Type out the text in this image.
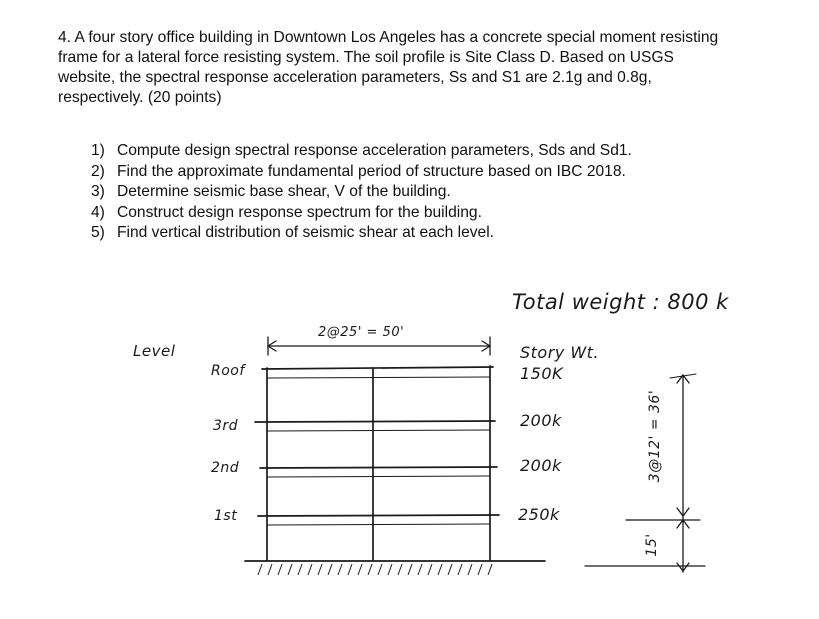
4. A four story office building in Downtown Los Angeles has a concrete special moment resisting
frame for a lateral force resisting system. The soil profile is Site Class D. Based on USGS
website, the spectral response acceleration parameters, Ss and S1 are 2.1g and 0.8g,
respectively. (20 points)

1) Compute design spectral response acceleration parameters, Sds and Sd1.
2) Find the approximate fundamental period of structure based on IBC 2018.
3) Determine seismic base shear, V of the building.
4) Construct design response spectrum for the building.
5) Find vertical distribution of seismic shear at each level.
Total weight : 800 k
Level
2@25' = 50'
Story Wt.
Roof
3rd
2nd
1st
150K
200k
200k
250k
3@12' = 36'
15'
